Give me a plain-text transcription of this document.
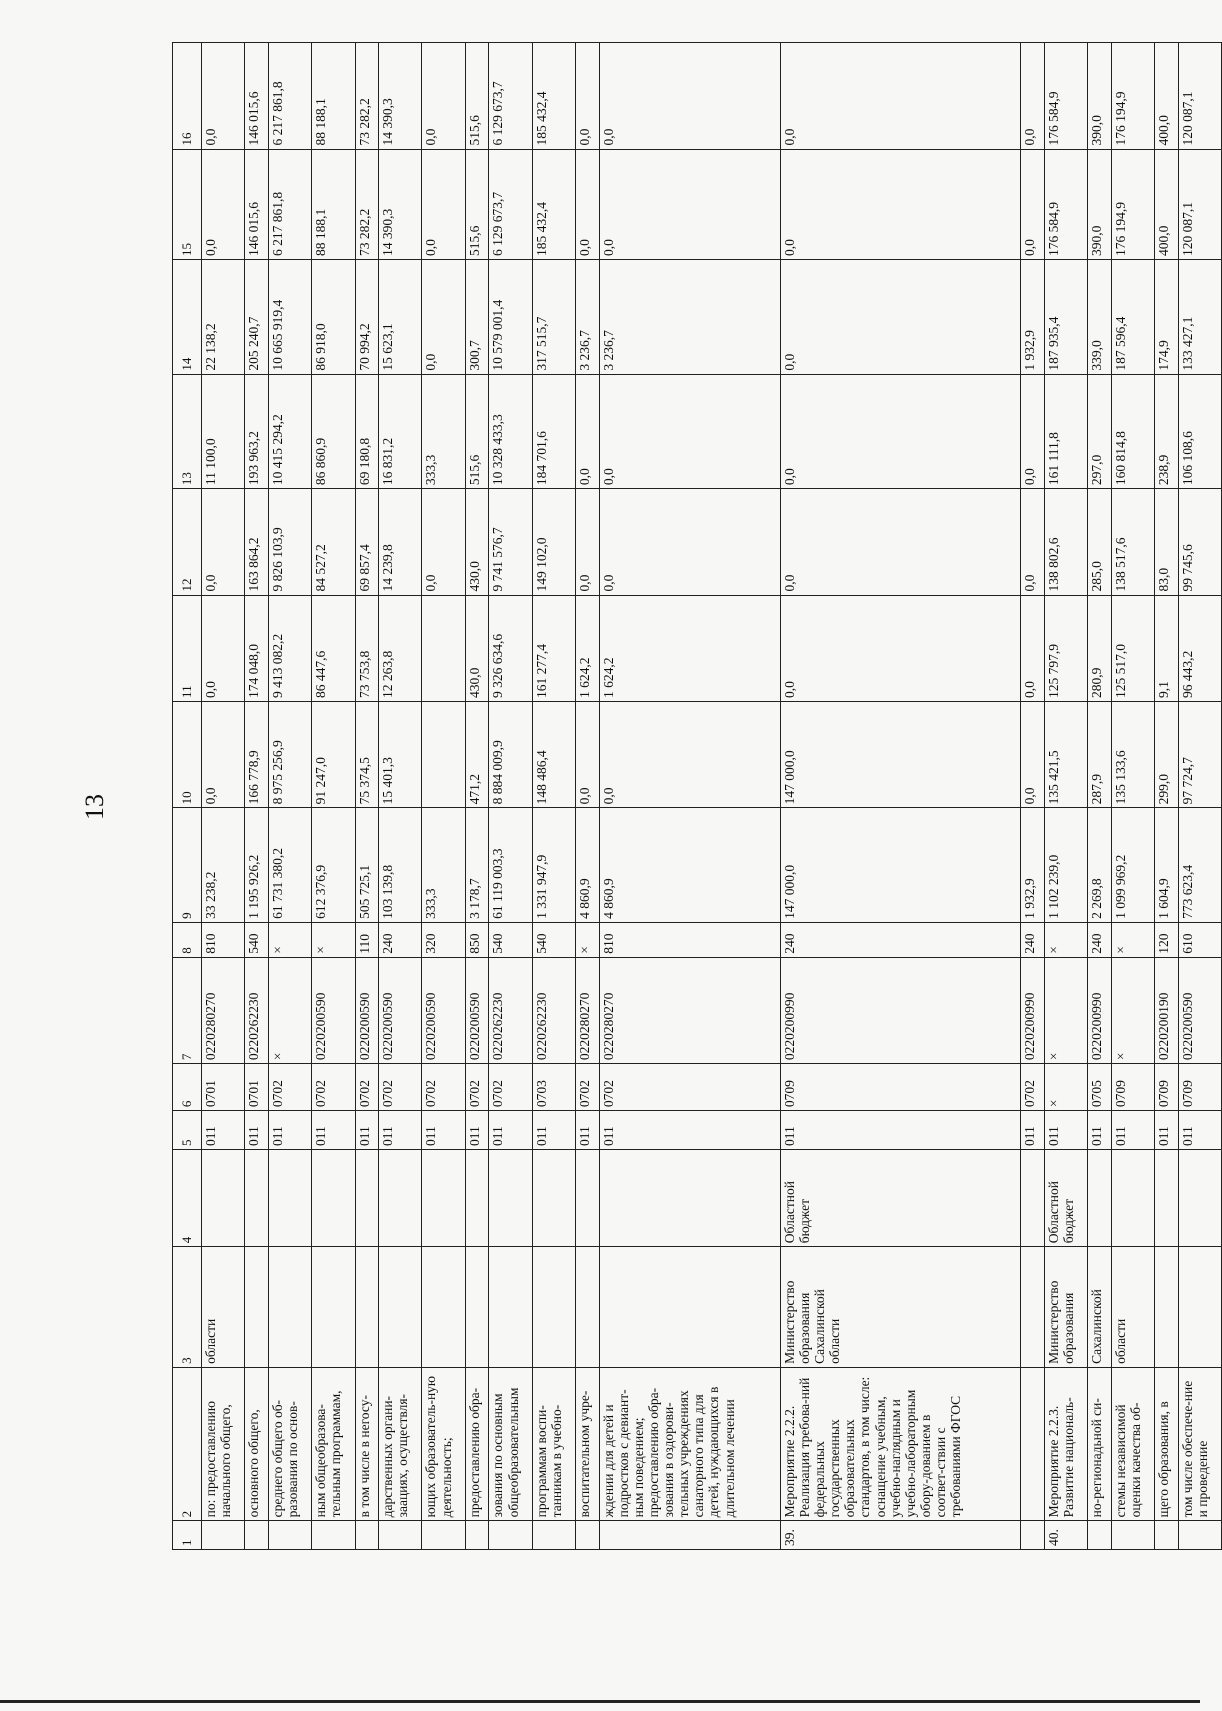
13
1	2	3	4	5	6	7	8	9	10	11	12	13	14	15	16
	по: предоставлению начального общего,	области		011	0701	0220280270	810	33 238,2	0,0	0,0	0,0	11 100,0	22 138,2	0,0	0,0
	основного общего,			011	0701	0220262230	540	1 195 926,2	166 778,9	174 048,0	163 864,2	193 963,2	205 240,7	146 015,6	146 015,6
	среднего общего об-разования по основ-			011	0702	×	×	61 731 380,2	8 975 256,9	9 413 082,2	9 826 103,9	10 415 294,2	10 665 919,4	6 217 861,8	6 217 861,8
	ным общеобразова-тельным программам,			011	0702	0220200590	×	612 376,9	91 247,0	86 447,6	84 527,2	86 860,9	86 918,0	88 188,1	88 188,1
	в том числе в негосу-			011	0702	0220200590	110	505 725,1	75 374,5	73 753,8	69 857,4	69 180,8	70 994,2	73 282,2	73 282,2
	дарственных органи-заациях, осуществля-			011	0702	0220200590	240	103 139,8	15 401,3	12 263,8	14 239,8	16 831,2	15 623,1	14 390,3	14 390,3
	ющих образователь-ную деятельность;			011	0702	0220200590	320	333,3			0,0	333,3	0,0	0,0	0,0
	предоставлению обра-			011	0702	0220200590	850	3 178,7	471,2	430,0	430,0	515,6	300,7	515,6	515,6
	зования по основным общеобразовательным			011	0702	0220262230	540	61 119 003,3	8 884 009,9	9 326 634,6	9 741 576,7	10 328 433,3	10 579 001,4	6 129 673,7	6 129 673,7
	программам воспи-танникам в учебно-			011	0703	0220262230	540	1 331 947,9	148 486,4	161 277,4	149 102,0	184 701,6	317 515,7	185 432,4	185 432,4
	воспитательном учре-			011	0702	0220280270	×	4 860,9	0,0	1 624,2	0,0	0,0	3 236,7	0,0	0,0
	ждении для детей и подростков с девиант-ным поведением; предоставлению обра-зования в оздорови-тельных учреждениях санаторного типа для детей, нуждающихся в длительном лечении			011	0702	0220280270	810	4 860,9	0,0	1 624,2	0,0	0,0	3 236,7	0,0	0,0
39.	Мероприятие 2.2.2. Реализация требова-ний федеральных государственных образовательных стандартов, в том числе: оснащение учебным, учебно-наглядным и учебно-лабораторным обору-дованием в соответ-ствии с требованиями ФГОС	Министерство образования Сахалинской области	Областной бюджет	011	0709	0220200990	240	147 000,0	147 000,0	0,0	0,0	0,0	0,0	0,0	0,0
				011	0702	0220200990	240	1 932,9	0,0	0,0	0,0	0,0	1 932,9	0,0	0,0
40.	Мероприятие 2.2.3. Развитие националь-	Министерство образования	Областной бюджет	011	×	×	×	1 102 239,0	135 421,5	125 797,9	138 802,6	161 111,8	187 935,4	176 584,9	176 584,9
	но-регионадьной си-	Сахалинской		011	0705	0220200990	240	2 269,8	287,9	280,9	285,0	297,0	339,0	390,0	390,0
	стемы независимой оценки качества об-	области		011	0709	×	×	1 099 969,2	135 133,6	125 517,0	138 517,6	160 814,8	187 596,4	176 194,9	176 194,9
	щего образования, в			011	0709	0220200190	120	1 604,9	299,0	9,1	83,0	238,9	174,9	400,0	400,0
	том числе обеспече-ние и проведение			011	0709	0220200590	610	773 623,4	97 724,7	96 443,2	99 745,6	106 108,6	133 427,1	120 087,1	120 087,1
